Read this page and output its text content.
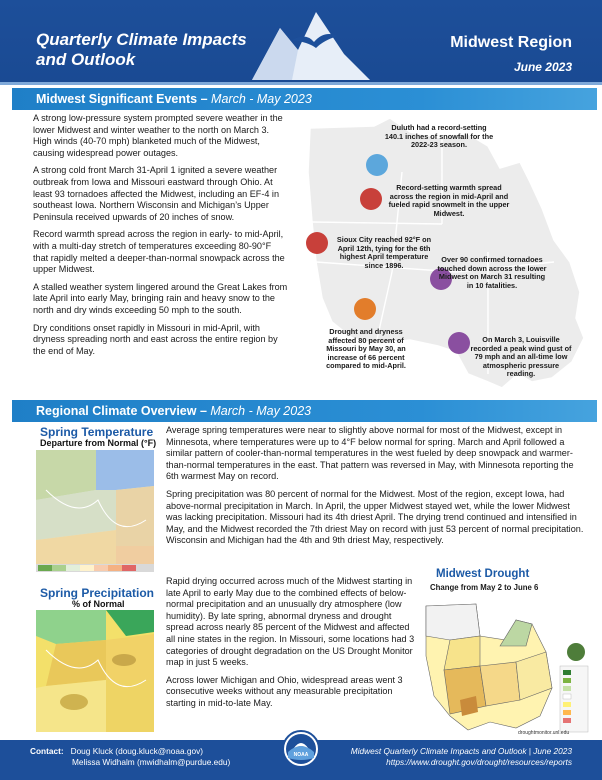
Quarterly Climate Impacts
and Outlook
Midwest Region
June 2023
Midwest Significant Events – March - May 2023

A strong low-pressure system prompted severe weather in the lower Midwest and winter weather to the north on March 3. High winds (40-70 mph) blanketed much of the Midwest, causing widespread power outages.

A strong cold front March 31-April 1 ignited a severe weather outbreak from Iowa and Missouri eastward through Ohio. At least 93 tornadoes affected the Midwest, including an EF-4 in southeast Iowa. Northern Wisconsin and Michigan’s Upper Peninsula received upwards of 20 inches of snow.

Record warmth spread across the region in early- to mid-April, with a multi-day stretch of temperatures exceeding 80-90°F that rapidly melted a deeper-than-normal snowpack across the upper Midwest.

A stalled weather system lingered around the Great Lakes from late April into early May, bringing rain and heavy snow to the north and dry winds exceeding 50 mph to the south.

Dry conditions onset rapidly in Missouri in mid-April, with dryness spreading north and east across the entire region by the end of May.

Duluth had a record-setting 140.1 inches of snowfall for the 2022-23 season.
Record-setting warmth spread across the region in mid-April and fueled rapid snowmelt in the upper Midwest.
Sioux City reached 92°F on April 12th, tying for the 6th highest April temperature since 1896.
Over 90 confirmed tornadoes touched down across the lower Midwest on March 31 resulting in 10 fatalities.
Drought and dryness affected 80 percent of Missouri by May 30, an increase of 66 percent compared to mid-April.
On March 3, Louisville recorded a peak wind gust of 79 mph and an all-time low atmospheric pressure reading.
Regional Climate Overview – March - May 2023
Spring Temperature
Departure from Normal (°F)
Spring Precipitation
% of Normal

Average spring temperatures were near to slightly above normal for most of the Midwest, except in Minnesota, where temperatures were up to 4°F below normal for spring. March and April followed a similar pattern of cooler-than-normal temperatures in the west fueled by deep snowpack and warmer-than-normal temperatures in the east. That pattern was reversed in May, with Minnesota reporting the 6th warmest May on record.

Spring precipitation was 80 percent of normal for the Midwest. Most of the region, except Iowa, had above-normal precipitation in March. In April, the upper Midwest stayed wet, while the lower Midwest was lacking precipitation. Missouri had its 4th driest April. The drying trend continued and intensified in May, and the Midwest recorded the 7th driest May on record with just 53 percent of normal precipitation. Wisconsin and Michigan had the 4th and 9th driest May, respectively.

Rapid drying occurred across much of the Midwest starting in late April to early May due to the combined effects of below-normal precipitation and an unusually dry atmosphere (low humidity). By late spring, abnormal dryness and drought spread across nearly 85 percent of the Midwest and affected all nine states in the region. In Missouri, some locations had 3 categories of drought degradation on the US Drought Monitor map in just 5 weeks.

Across lower Michigan and Ohio, widespread areas went 3 consecutive weeks without any measurable precipitation starting in mid-to-late May.

Midwest Drought
Change from May 2 to June 6
droughtmonitor.unl.edu
Contact: Doug Kluck (doug.kluck@noaa.gov)
Melissa Widhalm (mwidhalm@purdue.edu)
Midwest Quarterly Climate Impacts and Outlook | June 2023
https://www.drought.gov/drought/resources/reports
NOAA
